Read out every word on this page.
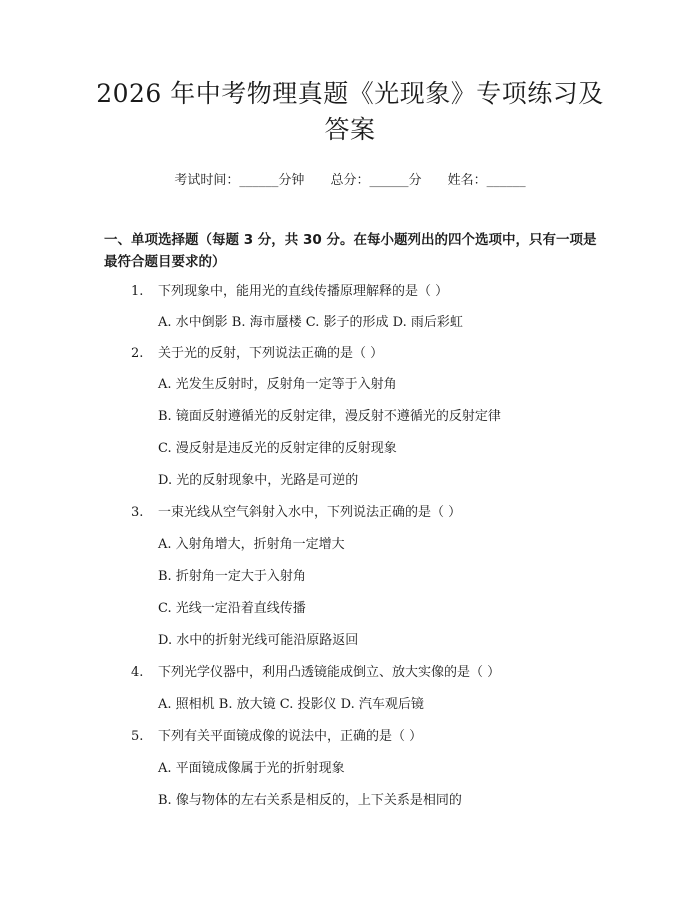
2026 年中考物理真题《光现象》专项练习及
答案
考试时间：______分钟 总分：______分 姓名：______
一、单项选择题（每题 3 分，共 30 分。在每小题列出的四个选项中，只有一项是最符合题目要求的）
1.	下列现象中，能用光的直线传播原理解释的是（ ）
A. 水中倒影 B. 海市蜃楼 C. 影子的形成 D. 雨后彩虹
2.	关于光的反射，下列说法正确的是（ ）
A. 光发生反射时，反射角一定等于入射角
B. 镜面反射遵循光的反射定律，漫反射不遵循光的反射定律
C. 漫反射是违反光的反射定律的反射现象
D. 光的反射现象中，光路是可逆的
3.	一束光线从空气斜射入水中，下列说法正确的是（ ）
A. 入射角增大，折射角一定增大
B. 折射角一定大于入射角
C. 光线一定沿着直线传播
D. 水中的折射光线可能沿原路返回
4.	下列光学仪器中，利用凸透镜能成倒立、放大实像的是（ ）
A. 照相机 B. 放大镜 C. 投影仪 D. 汽车观后镜
5.	下列有关平面镜成像的说法中，正确的是（ ）
A. 平面镜成像属于光的折射现象
B. 像与物体的左右关系是相反的，上下关系是相同的
